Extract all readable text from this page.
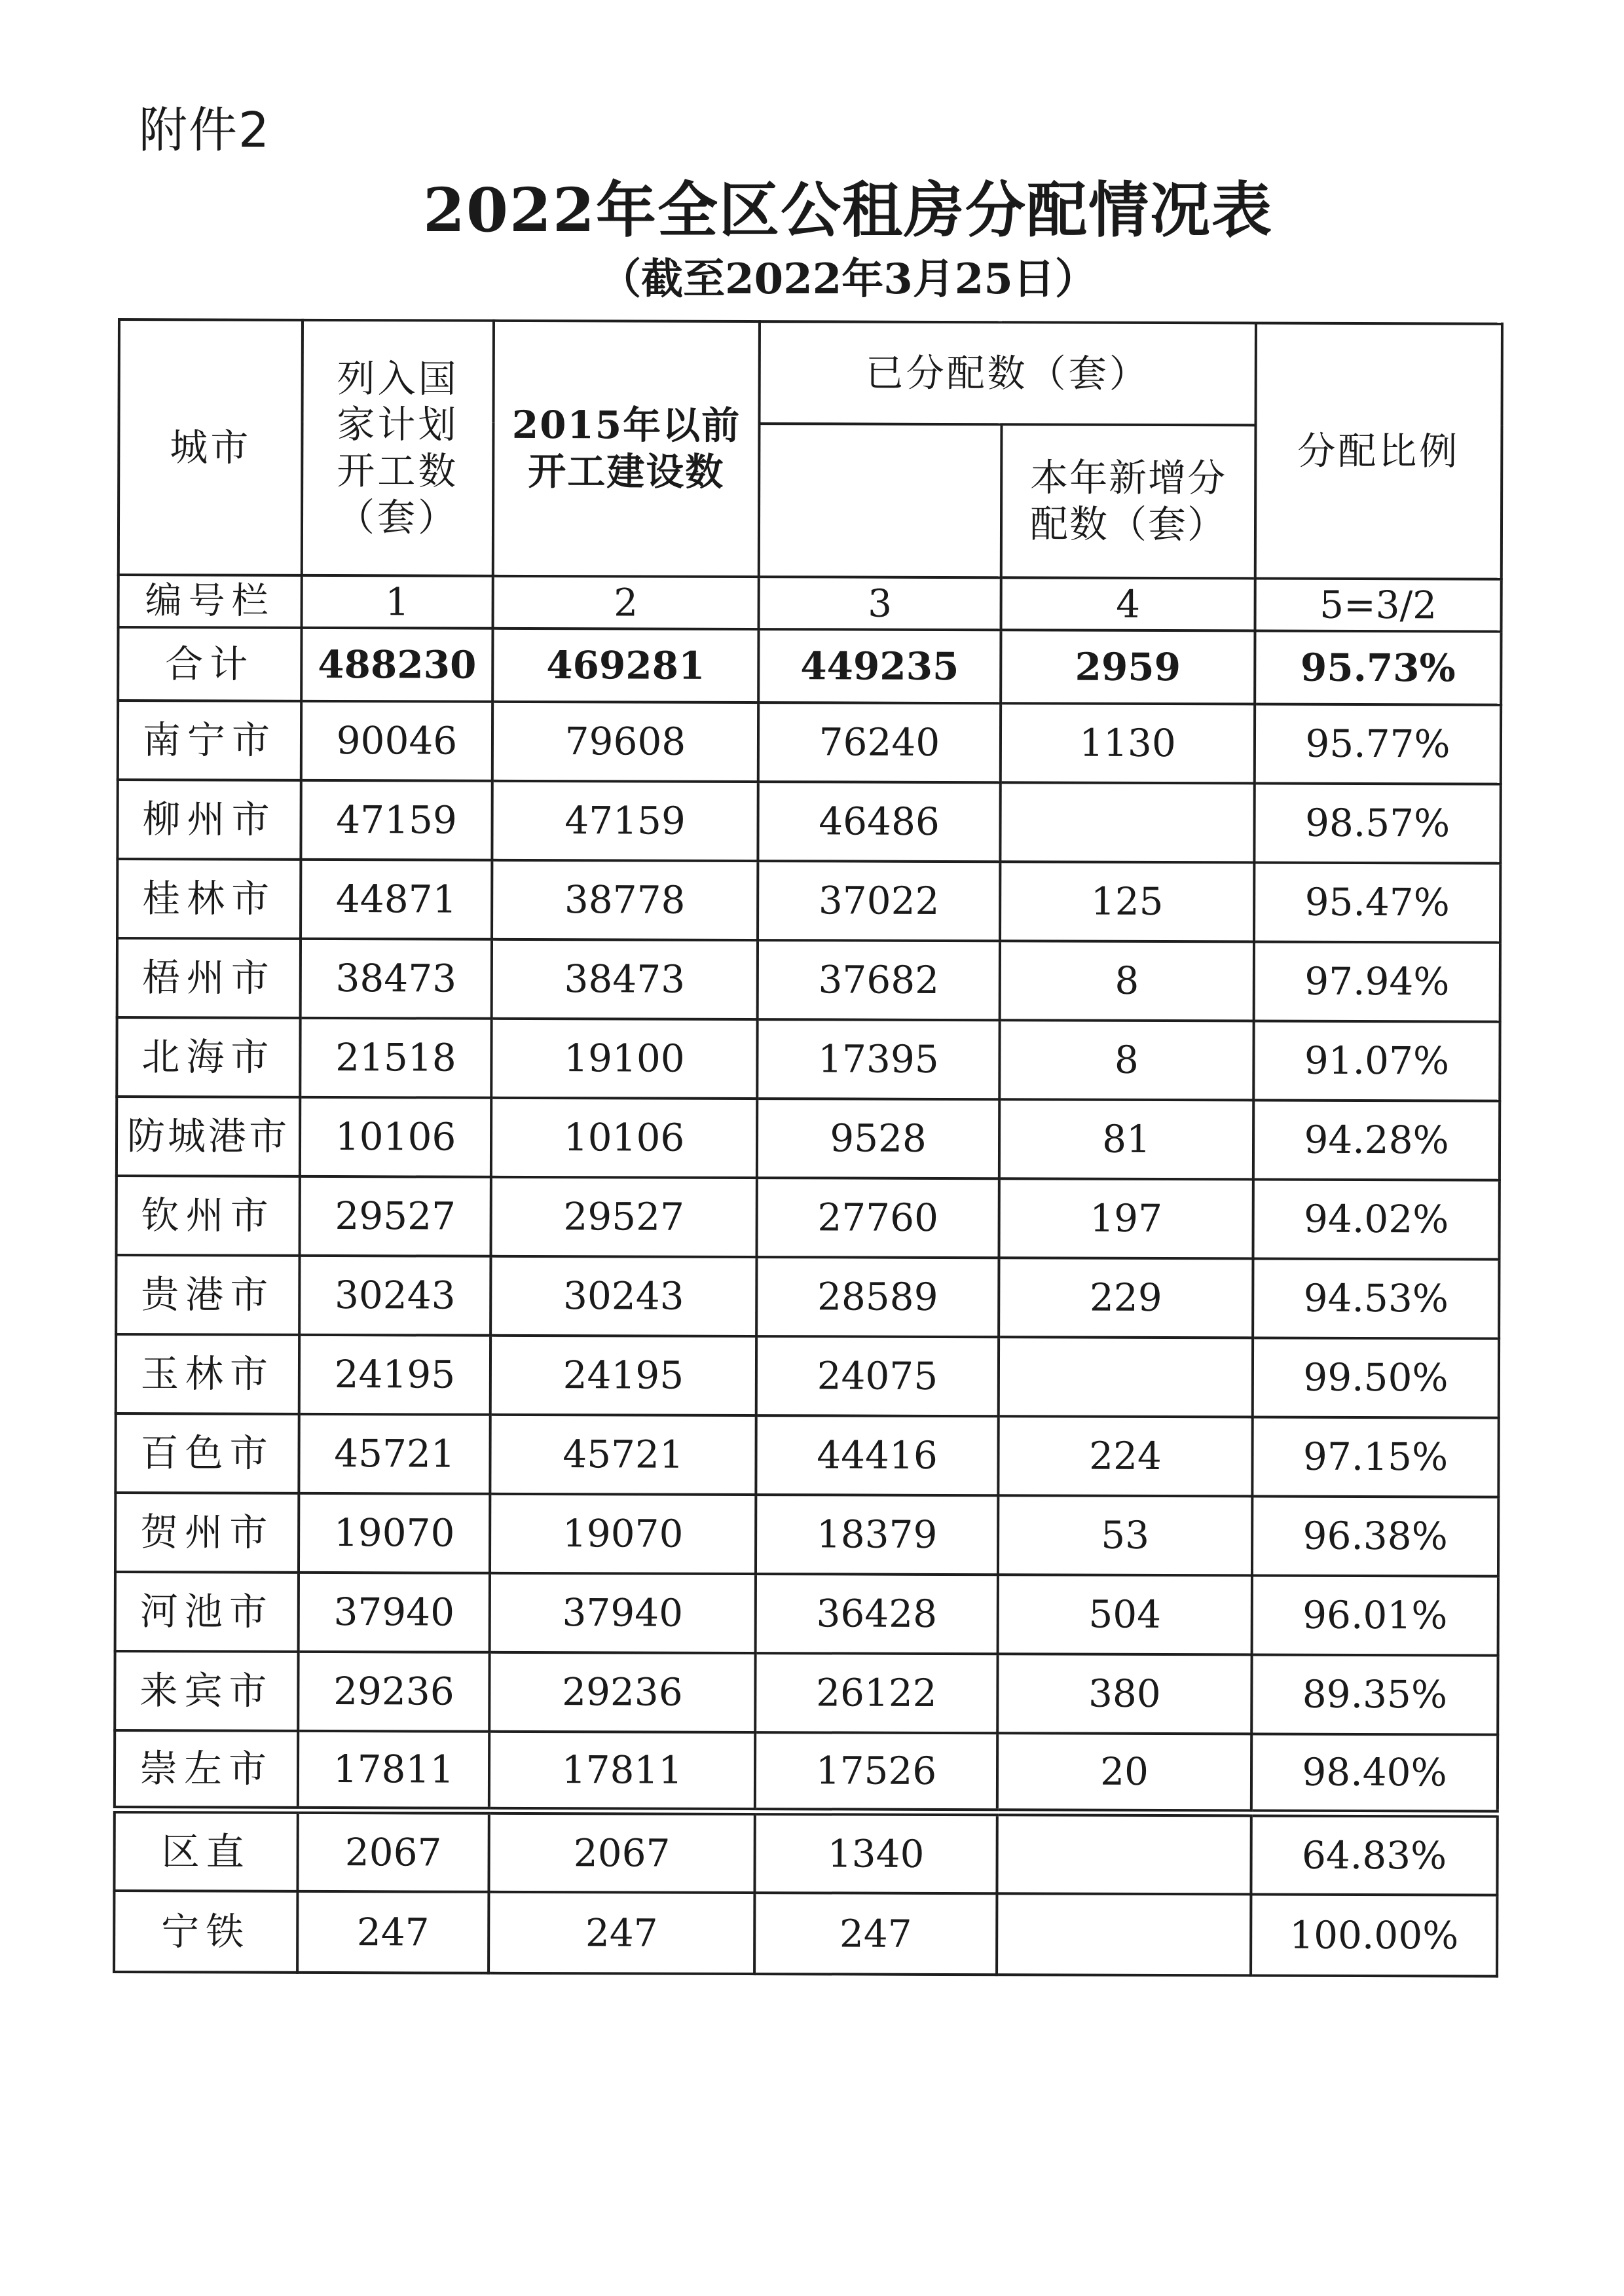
附件2
2022年全区公租房分配情况表
（截至2022年3月25日）
城市	列入国家计划开工数（套）	2015年以前开工建设数	已分配数（套）		分配比例
				本年新增分配数（套）	
编号栏	1	2	3	4	5=3/2
合计	488230	469281	449235	2959	95.73%
南宁市	90046	79608	76240	1130	95.77%
柳州市	47159	47159	46486		98.57%
桂林市	44871	38778	37022	125	95.47%
梧州市	38473	38473	37682	8	97.94%
北海市	21518	19100	17395	8	91.07%
防城港市	10106	10106	9528	81	94.28%
钦州市	29527	29527	27760	197	94.02%
贵港市	30243	30243	28589	229	94.53%
玉林市	24195	24195	24075		99.50%
百色市	45721	45721	44416	224	97.15%
贺州市	19070	19070	18379	53	96.38%
河池市	37940	37940	36428	504	96.01%
来宾市	29236	29236	26122	380	89.35%
崇左市	17811	17811	17526	20	98.40%
区直	2067	2067	1340		64.83%
宁铁	247	247	247		100.00%
